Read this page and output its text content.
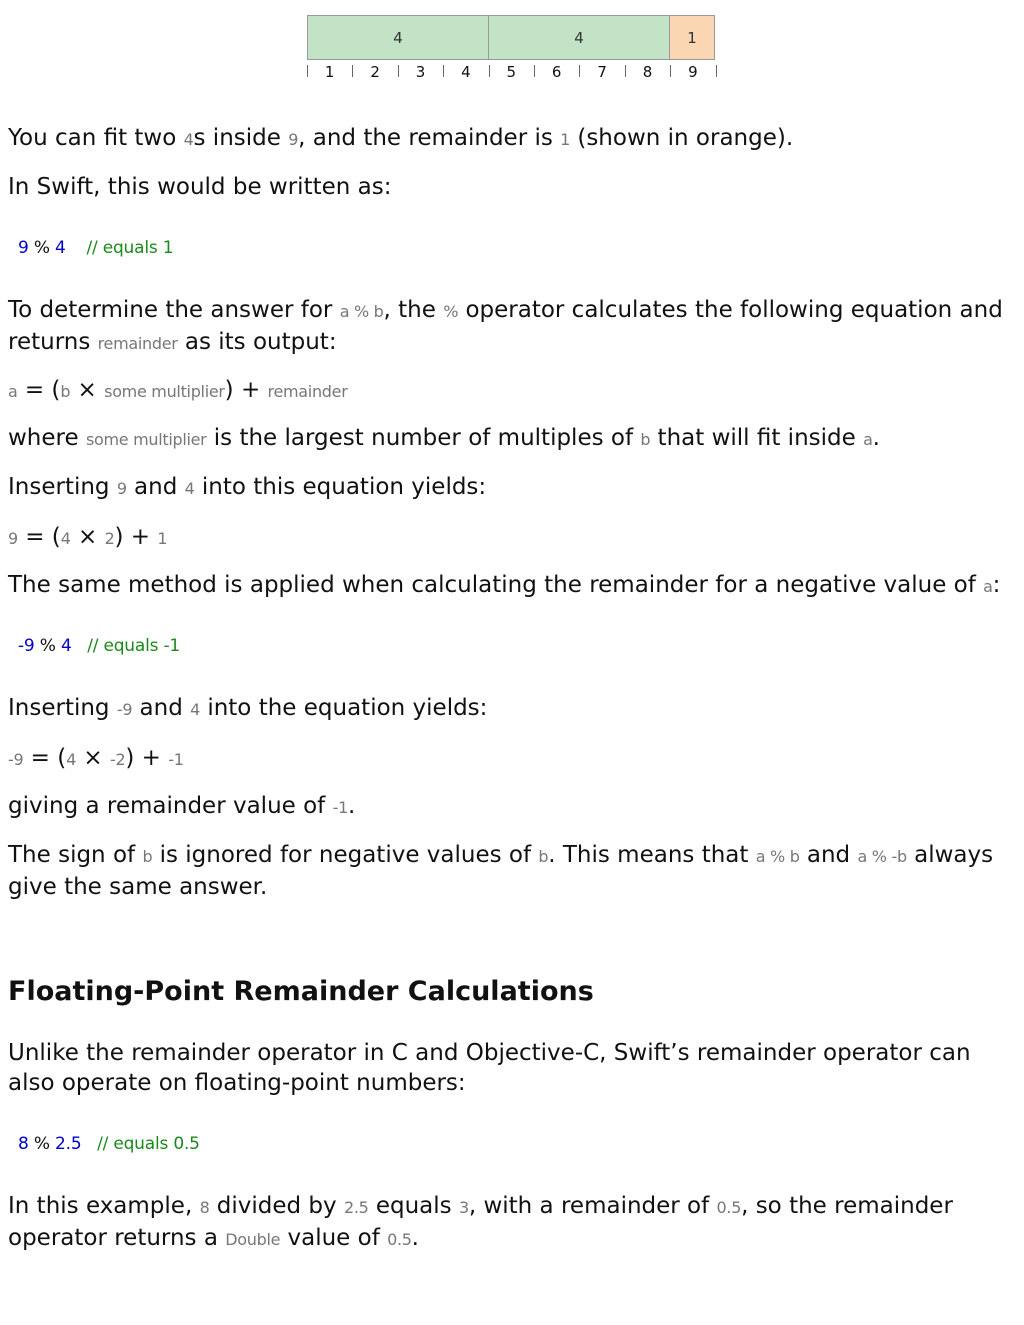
4	4	1
1	2	3	4	5	6	7	8	9

You can fit two 4s inside 9, and the remainder is 1 (shown in orange).

In Swift, this would be written as:

9 % 4 // equals 1

To determine the answer for a % b, the % operator calculates the following equation and returns remainder as its output:

a = (b × some multiplier) + remainder

where some multiplier is the largest number of multiples of b that will fit inside a.

Inserting 9 and 4 into this equation yields:

9 = (4 × 2) + 1

The same method is applied when calculating the remainder for a negative value of a:

-9 % 4 // equals -1

Inserting -9 and 4 into the equation yields:

-9 = (4 × -2) + -1

giving a remainder value of -1.

The sign of b is ignored for negative values of b. This means that a % b and a % -b always give the same answer.

Floating-Point Remainder Calculations

Unlike the remainder operator in C and Objective-C, Swift’s remainder operator can also operate on floating-point numbers:

8 % 2.5 // equals 0.5

In this example, 8 divided by 2.5 equals 3, with a remainder of 0.5, so the remainder operator returns a Double value of 0.5.
